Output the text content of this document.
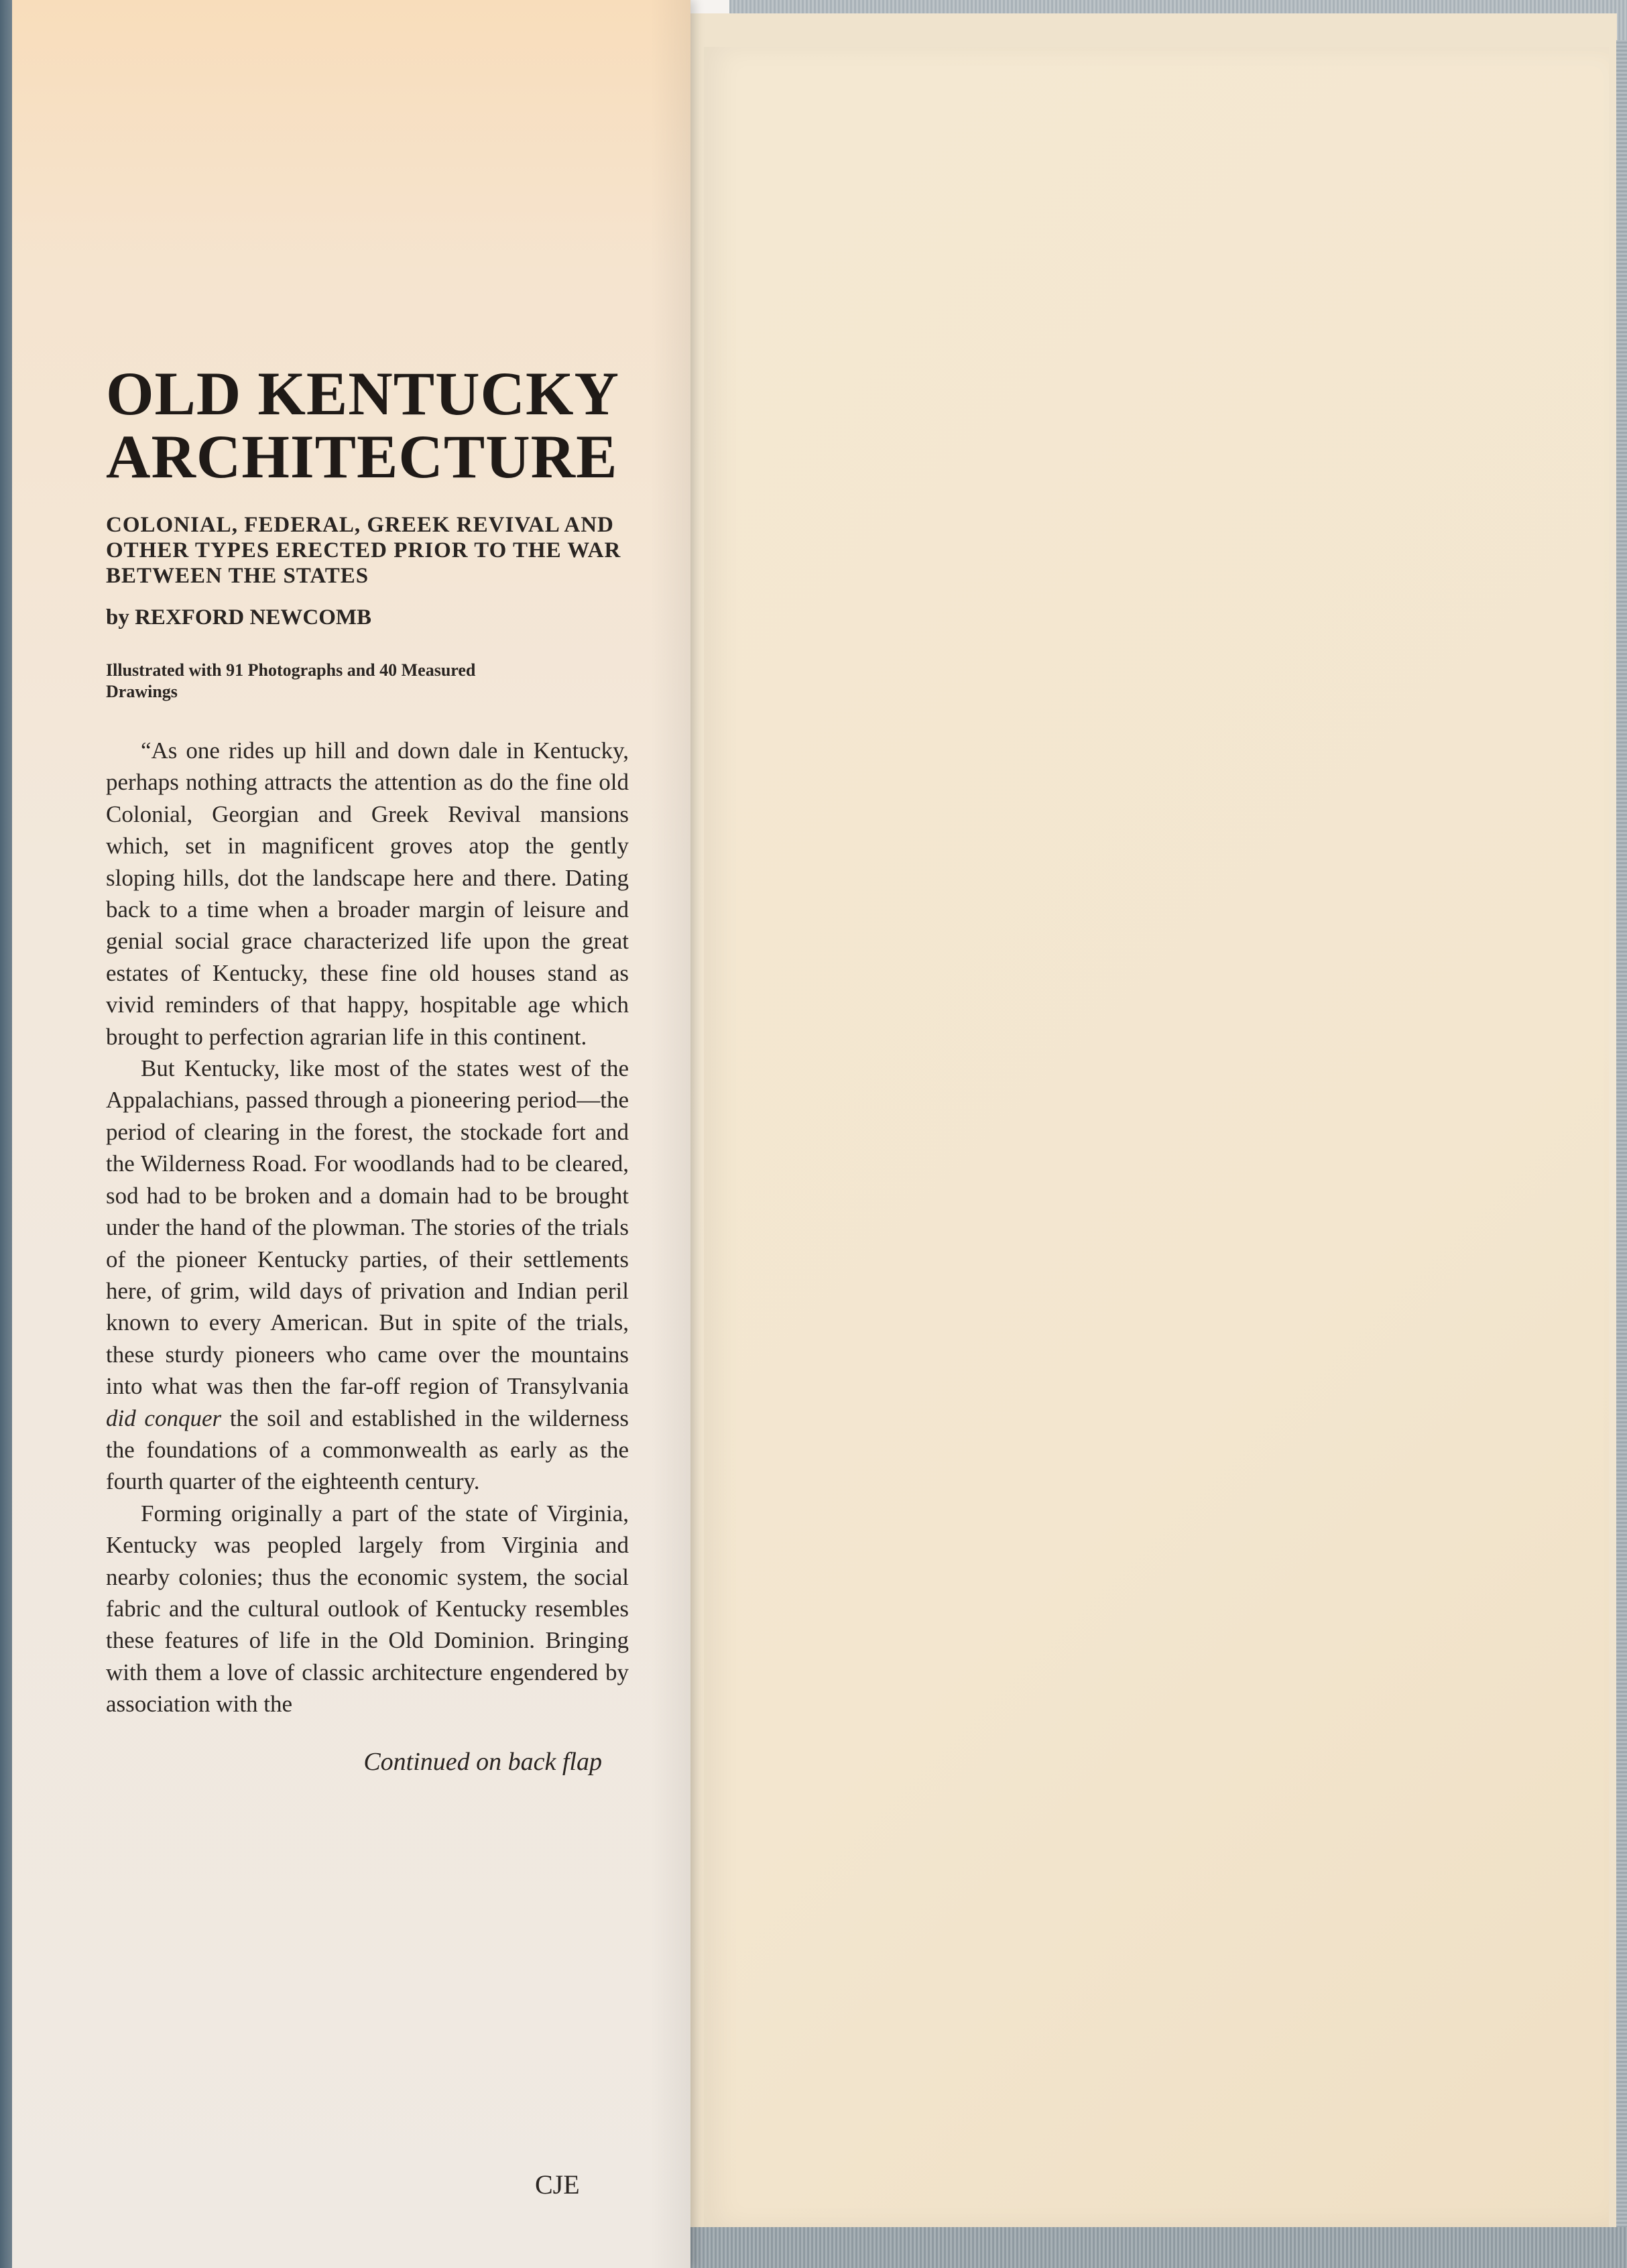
OLD KENTUCKY
ARCHITECTURE
COLONIAL, FEDERAL, GREEK REVIVAL AND OTHER TYPES ERECTED PRIOR TO THE WAR BETWEEN THE STATES
by REXFORD NEWCOMB
Illustrated with 91 Photographs and 40 Measured Drawings

“As one rides up hill and down dale in Kentucky, perhaps nothing attracts the attention as do the fine old Colonial, Georgian and Greek Revival mansions which, set in magnificent groves atop the gently sloping hills, dot the landscape here and there. Dating back to a time when a broader margin of leisure and genial social grace characterized life upon the great estates of Kentucky, these fine old houses stand as vivid reminders of that happy, hospitable age which brought to perfection agrarian life in this continent.

But Kentucky, like most of the states west of the Appalachians, passed through a pioneering period—the period of clearing in the forest, the stockade fort and the Wilderness Road. For woodlands had to be cleared, sod had to be broken and a domain had to be brought under the hand of the plowman. The stories of the trials of the pioneer Kentucky parties, of their settlements here, of grim, wild days of privation and Indian peril known to every American. But in spite of the trials, these sturdy pioneers who came over the mountains into what was then the far-off region of Transylvania did conquer the soil and established in the wilderness the foundations of a commonwealth as early as the fourth quarter of the eighteenth century.

Forming originally a part of the state of Virginia, Kentucky was peopled largely from Virginia and nearby colonies; thus the economic system, the social fabric and the cultural outlook of Kentucky resembles these features of life in the Old Dominion. Bringing with them a love of classic architecture engendered by association with the

Continued on back flap
CJE
